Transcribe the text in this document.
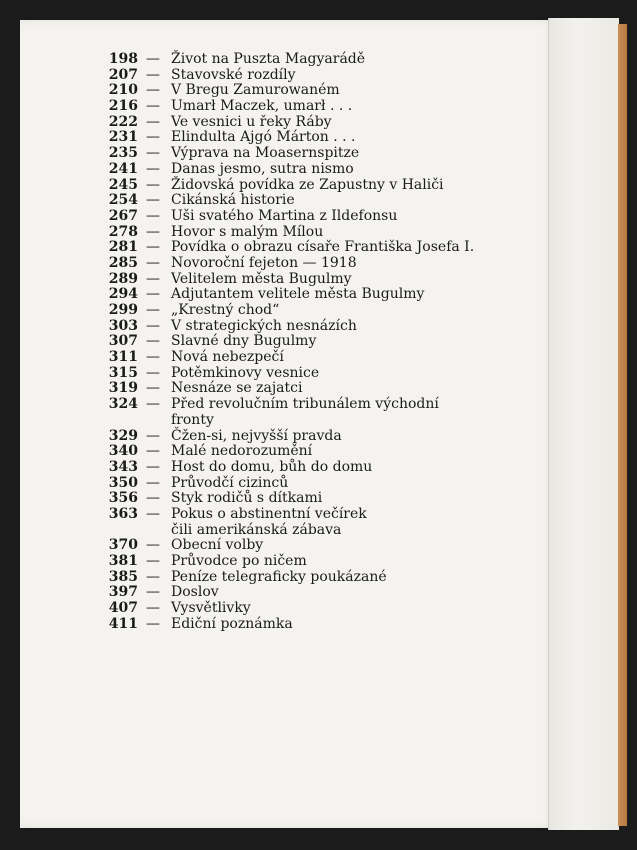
198 — Život na Puszta Magyarádě
207 — Stavovské rozdíly
210 — V Bregu Zamurowaném
216 — Umarł Maczek, umarł . . .
222 — Ve vesnici u řeky Ráby
231 — Elindulta Ajgó Márton . . .
235 — Výprava na Moasernspitze
241 — Danas jesmo, sutra nismo
245 — Židovská povídka ze Zapustny v Haliči
254 — Cikánská historie
267 — Uši svatého Martina z Ildefonsu
278 — Hovor s malým Mílou
281 — Povídka o obrazu císaře Františka Josefa I.
285 — Novoroční fejeton — 1918
289 — Velitelem města Bugulmy
294 — Adjutantem velitele města Bugulmy
299 — „Krestný chod“
303 — V strategických nesnázích
307 — Slavné dny Bugulmy
311 — Nová nebezpečí
315 — Potěmkinovy vesnice
319 — Nesnáze se zajatci
324 — Před revolučním tribunálem východní
fronty
329 — Čžen-si, nejvyšší pravda
340 — Malé nedorozumění
343 — Host do domu, bůh do domu
350 — Průvodčí cizinců
356 — Styk rodičů s dítkami
363 — Pokus o abstinentní večírek
čili amerikánská zábava
370 — Obecní volby
381 — Průvodce po ničem
385 — Peníze telegraficky poukázané
397 — Doslov
407 — Vysvětlivky
411 — Ediční poznámka
